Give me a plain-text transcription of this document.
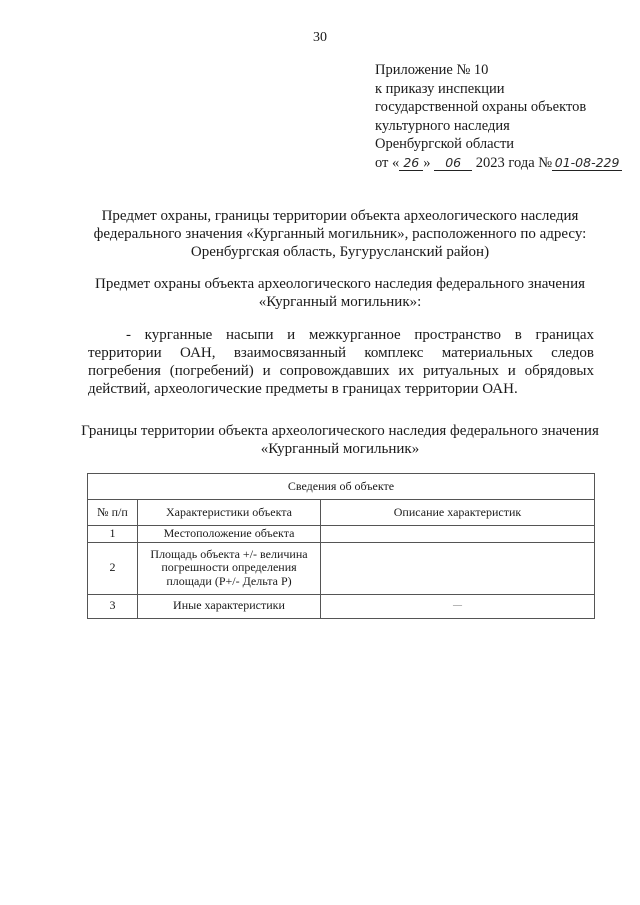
30
Приложение № 10
к приказу инспекции
государственной охраны объектов
культурного наследия
Оренбургской области
от « 26 » 06 2023 года № 01-08-229
Предмет охраны, границы территории объекта археологического наследия федерального значения «Курганный могильник», расположенного по адресу: Оренбургская область, Бугурусланский район)
Предмет охраны объекта археологического наследия федерального значения «Курганный могильник»:
- курганные насыпи и межкурганное пространство в границах территории ОАН, взаимосвязанный комплекс материальных следов погребения (погребений) и сопровождавших их ритуальных и обрядовых действий, археологические предметы в границах территории ОАН.
Границы территории объекта археологического наследия федерального значения «Курганный могильник»
Сведения об объекте		
№ п/п	Характеристики объекта	Описание характеристик
1	Местоположение объекта	
2	Площадь объекта +/- величина погрешности определения площади (Р+/- Дельта Р)	
3	Иные характеристики	—
